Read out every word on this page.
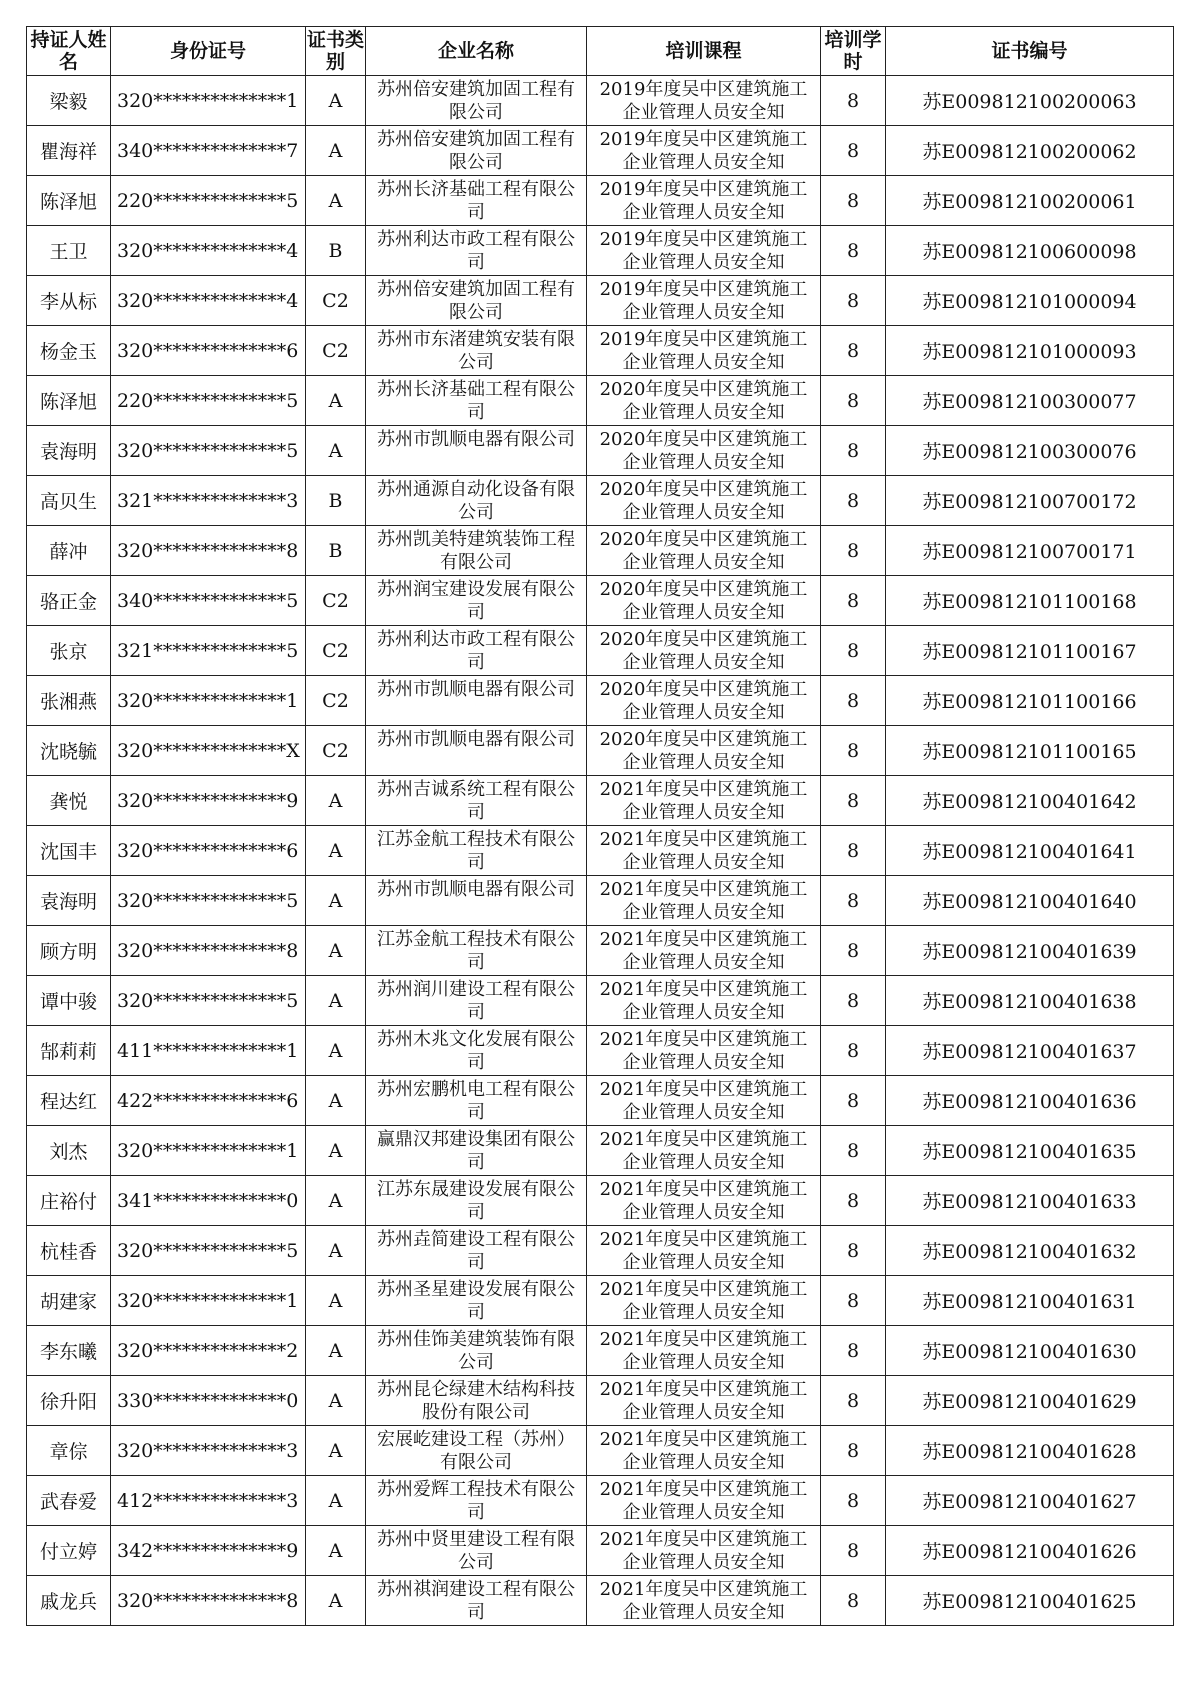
持证人姓名	身份证号	证书类别	企业名称	培训课程	培训学时	证书编号
梁毅	320**************1	A	苏州倍安建筑加固工程有限公司	2019年度吴中区建筑施工企业管理人员安全知	8	苏E009812100200063
瞿海祥	340**************7	A	苏州倍安建筑加固工程有限公司	2019年度吴中区建筑施工企业管理人员安全知	8	苏E009812100200062
陈泽旭	220**************5	A	苏州长济基础工程有限公司	2019年度吴中区建筑施工企业管理人员安全知	8	苏E009812100200061
王卫	320**************4	B	苏州利达市政工程有限公司	2019年度吴中区建筑施工企业管理人员安全知	8	苏E009812100600098
李从标	320**************4	C2	苏州倍安建筑加固工程有限公司	2019年度吴中区建筑施工企业管理人员安全知	8	苏E009812101000094
杨金玉	320**************6	C2	苏州市东渚建筑安装有限公司	2019年度吴中区建筑施工企业管理人员安全知	8	苏E009812101000093
陈泽旭	220**************5	A	苏州长济基础工程有限公司	2020年度吴中区建筑施工企业管理人员安全知	8	苏E009812100300077
袁海明	320**************5	A	苏州市凯顺电器有限公司	2020年度吴中区建筑施工企业管理人员安全知	8	苏E009812100300076
高贝生	321**************3	B	苏州通源自动化设备有限公司	2020年度吴中区建筑施工企业管理人员安全知	8	苏E009812100700172
薛冲	320**************8	B	苏州凯美特建筑装饰工程有限公司	2020年度吴中区建筑施工企业管理人员安全知	8	苏E009812100700171
骆正金	340**************5	C2	苏州润宝建设发展有限公司	2020年度吴中区建筑施工企业管理人员安全知	8	苏E009812101100168
张京	321**************5	C2	苏州利达市政工程有限公司	2020年度吴中区建筑施工企业管理人员安全知	8	苏E009812101100167
张湘燕	320**************1	C2	苏州市凯顺电器有限公司	2020年度吴中区建筑施工企业管理人员安全知	8	苏E009812101100166
沈晓毓	320**************X	C2	苏州市凯顺电器有限公司	2020年度吴中区建筑施工企业管理人员安全知	8	苏E009812101100165
龚悦	320**************9	A	苏州吉诚系统工程有限公司	2021年度吴中区建筑施工企业管理人员安全知	8	苏E009812100401642
沈国丰	320**************6	A	江苏金航工程技术有限公司	2021年度吴中区建筑施工企业管理人员安全知	8	苏E009812100401641
袁海明	320**************5	A	苏州市凯顺电器有限公司	2021年度吴中区建筑施工企业管理人员安全知	8	苏E009812100401640
顾方明	320**************8	A	江苏金航工程技术有限公司	2021年度吴中区建筑施工企业管理人员安全知	8	苏E009812100401639
谭中骏	320**************5	A	苏州润川建设工程有限公司	2021年度吴中区建筑施工企业管理人员安全知	8	苏E009812100401638
郜莉莉	411**************1	A	苏州木兆文化发展有限公司	2021年度吴中区建筑施工企业管理人员安全知	8	苏E009812100401637
程达红	422**************6	A	苏州宏鹏机电工程有限公司	2021年度吴中区建筑施工企业管理人员安全知	8	苏E009812100401636
刘杰	320**************1	A	赢鼎汉邦建设集团有限公司	2021年度吴中区建筑施工企业管理人员安全知	8	苏E009812100401635
庄裕付	341**************0	A	江苏东晟建设发展有限公司	2021年度吴中区建筑施工企业管理人员安全知	8	苏E009812100401633
杭桂香	320**************5	A	苏州垚简建设工程有限公司	2021年度吴中区建筑施工企业管理人员安全知	8	苏E009812100401632
胡建家	320**************1	A	苏州圣星建设发展有限公司	2021年度吴中区建筑施工企业管理人员安全知	8	苏E009812100401631
李东曦	320**************2	A	苏州佳饰美建筑装饰有限公司	2021年度吴中区建筑施工企业管理人员安全知	8	苏E009812100401630
徐升阳	330**************0	A	苏州昆仑绿建木结构科技股份有限公司	2021年度吴中区建筑施工企业管理人员安全知	8	苏E009812100401629
章倧	320**************3	A	宏展屹建设工程（苏州）有限公司	2021年度吴中区建筑施工企业管理人员安全知	8	苏E009812100401628
武春爱	412**************3	A	苏州爱辉工程技术有限公司	2021年度吴中区建筑施工企业管理人员安全知	8	苏E009812100401627
付立婷	342**************9	A	苏州中贤里建设工程有限公司	2021年度吴中区建筑施工企业管理人员安全知	8	苏E009812100401626
戚龙兵	320**************8	A	苏州祺润建设工程有限公司	2021年度吴中区建筑施工企业管理人员安全知	8	苏E009812100401625
